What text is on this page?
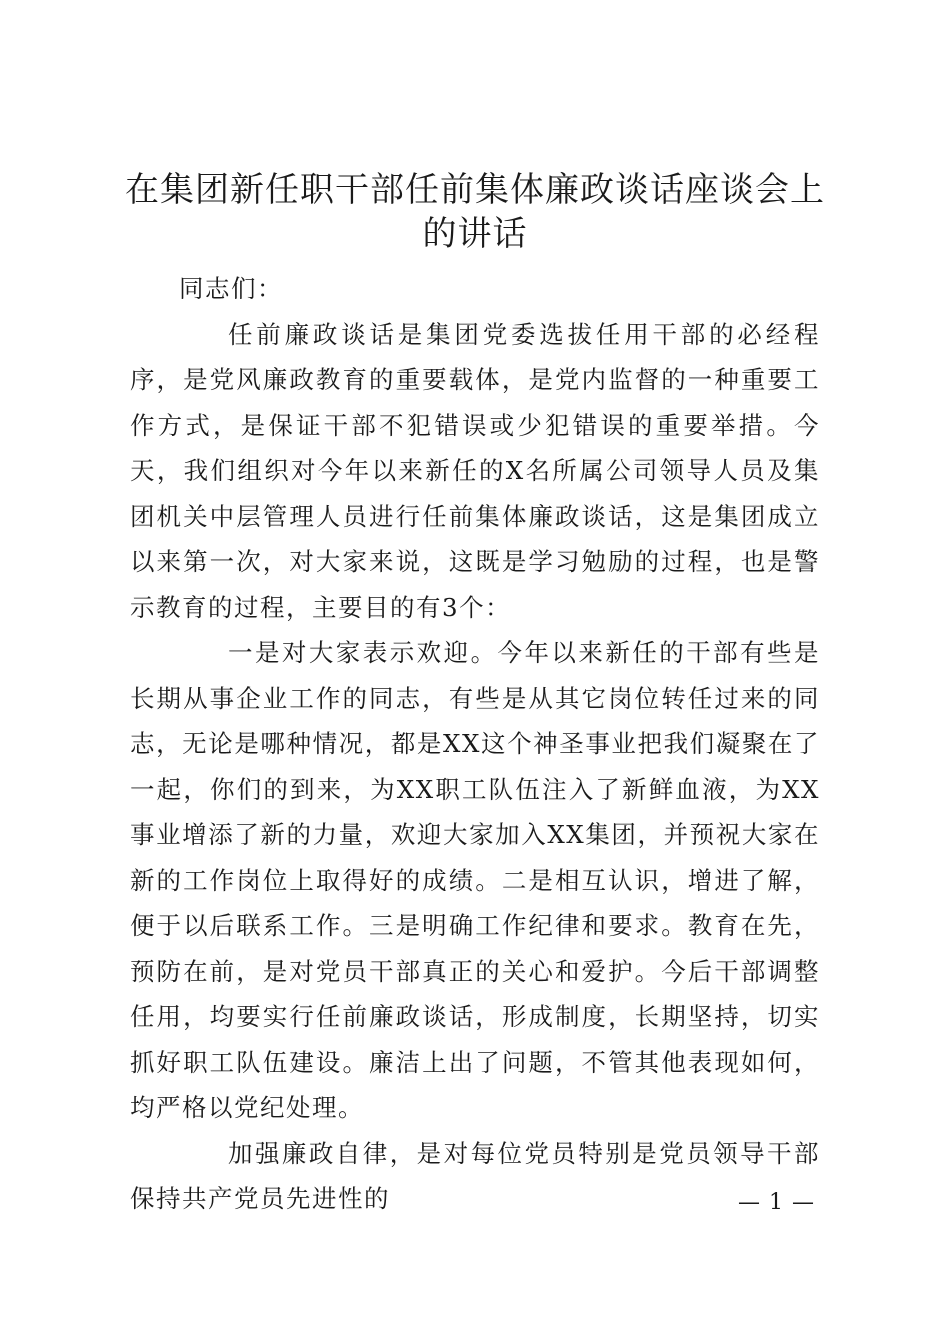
在集团新任职干部任前集体廉政谈话座谈会上的讲话

同志们：

任前廉政谈话是集团党委选拔任用干部的必经程序，是党风廉政教育的重要载体，是党内监督的一种重要工作方式，是保证干部不犯错误或少犯错误的重要举措。今天，我们组织对今年以来新任的X名所属公司领导人员及集团机关中层管理人员进行任前集体廉政谈话，这是集团成立以来第一次，对大家来说，这既是学习勉励的过程，也是警示教育的过程，主要目的有3个：

一是对大家表示欢迎。今年以来新任的干部有些是长期从事企业工作的同志，有些是从其它岗位转任过来的同志，无论是哪种情况，都是XX这个神圣事业把我们凝聚在了一起，你们的到来，为XX职工队伍注入了新鲜血液，为XX事业增添了新的力量，欢迎大家加入XX集团，并预祝大家在新的工作岗位上取得好的成绩。二是相互认识，增进了解，便于以后联系工作。三是明确工作纪律和要求。教育在先，预防在前，是对党员干部真正的关心和爱护。今后干部调整任用，均要实行任前廉政谈话，形成制度，长期坚持，切实抓好职工队伍建设。廉洁上出了问题，不管其他表现如何，均严格以党纪处理。

加强廉政自律，是对每位党员特别是党员领导干部保持共产党员先进性的	— 1 —
